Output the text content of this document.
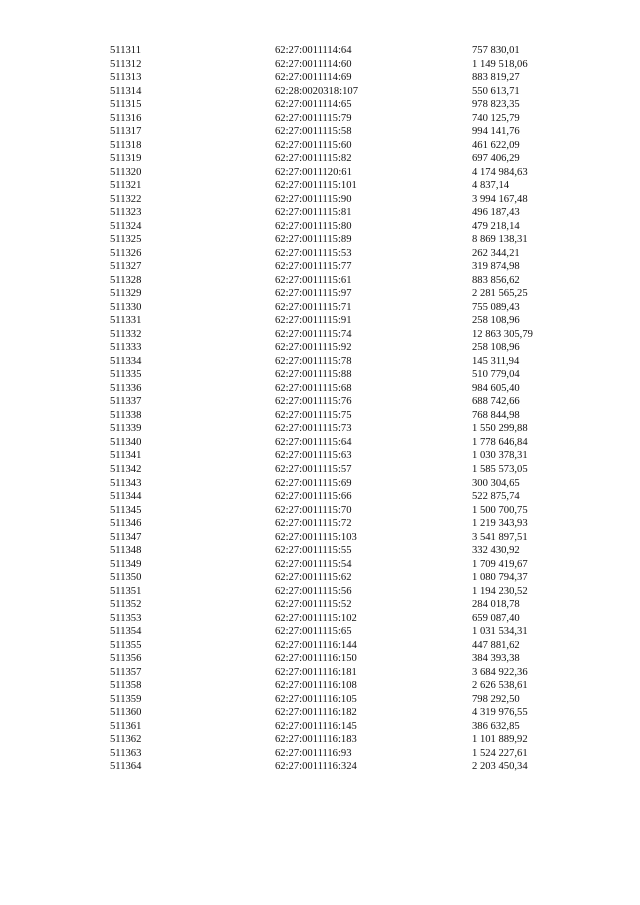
511311	62:27:0011114:64	757 830,01
511312	62:27:0011114:60	1 149 518,06
511313	62:27:0011114:69	883 819,27
511314	62:28:0020318:107	550 613,71
511315	62:27:0011114:65	978 823,35
511316	62:27:0011115:79	740 125,79
511317	62:27:0011115:58	994 141,76
511318	62:27:0011115:60	461 622,09
511319	62:27:0011115:82	697 406,29
511320	62:27:0011120:61	4 174 984,63
511321	62:27:0011115:101	4 837,14
511322	62:27:0011115:90	3 994 167,48
511323	62:27:0011115:81	496 187,43
511324	62:27:0011115:80	479 218,14
511325	62:27:0011115:89	8 869 138,31
511326	62:27:0011115:53	262 344,21
511327	62:27:0011115:77	319 874,98
511328	62:27:0011115:61	883 856,62
511329	62:27:0011115:97	2 281 565,25
511330	62:27:0011115:71	755 089,43
511331	62:27:0011115:91	258 108,96
511332	62:27:0011115:74	12 863 305,79
511333	62:27:0011115:92	258 108,96
511334	62:27:0011115:78	145 311,94
511335	62:27:0011115:88	510 779,04
511336	62:27:0011115:68	984 605,40
511337	62:27:0011115:76	688 742,66
511338	62:27:0011115:75	768 844,98
511339	62:27:0011115:73	1 550 299,88
511340	62:27:0011115:64	1 778 646,84
511341	62:27:0011115:63	1 030 378,31
511342	62:27:0011115:57	1 585 573,05
511343	62:27:0011115:69	300 304,65
511344	62:27:0011115:66	522 875,74
511345	62:27:0011115:70	1 500 700,75
511346	62:27:0011115:72	1 219 343,93
511347	62:27:0011115:103	3 541 897,51
511348	62:27:0011115:55	332 430,92
511349	62:27:0011115:54	1 709 419,67
511350	62:27:0011115:62	1 080 794,37
511351	62:27:0011115:56	1 194 230,52
511352	62:27:0011115:52	284 018,78
511353	62:27:0011115:102	659 087,40
511354	62:27:0011115:65	1 031 534,31
511355	62:27:0011116:144	447 881,62
511356	62:27:0011116:150	384 393,38
511357	62:27:0011116:181	3 684 922,36
511358	62:27:0011116:108	2 626 538,61
511359	62:27:0011116:105	798 292,50
511360	62:27:0011116:182	4 319 976,55
511361	62:27:0011116:145	386 632,85
511362	62:27:0011116:183	1 101 889,92
511363	62:27:0011116:93	1 524 227,61
511364	62:27:0011116:324	2 203 450,34
